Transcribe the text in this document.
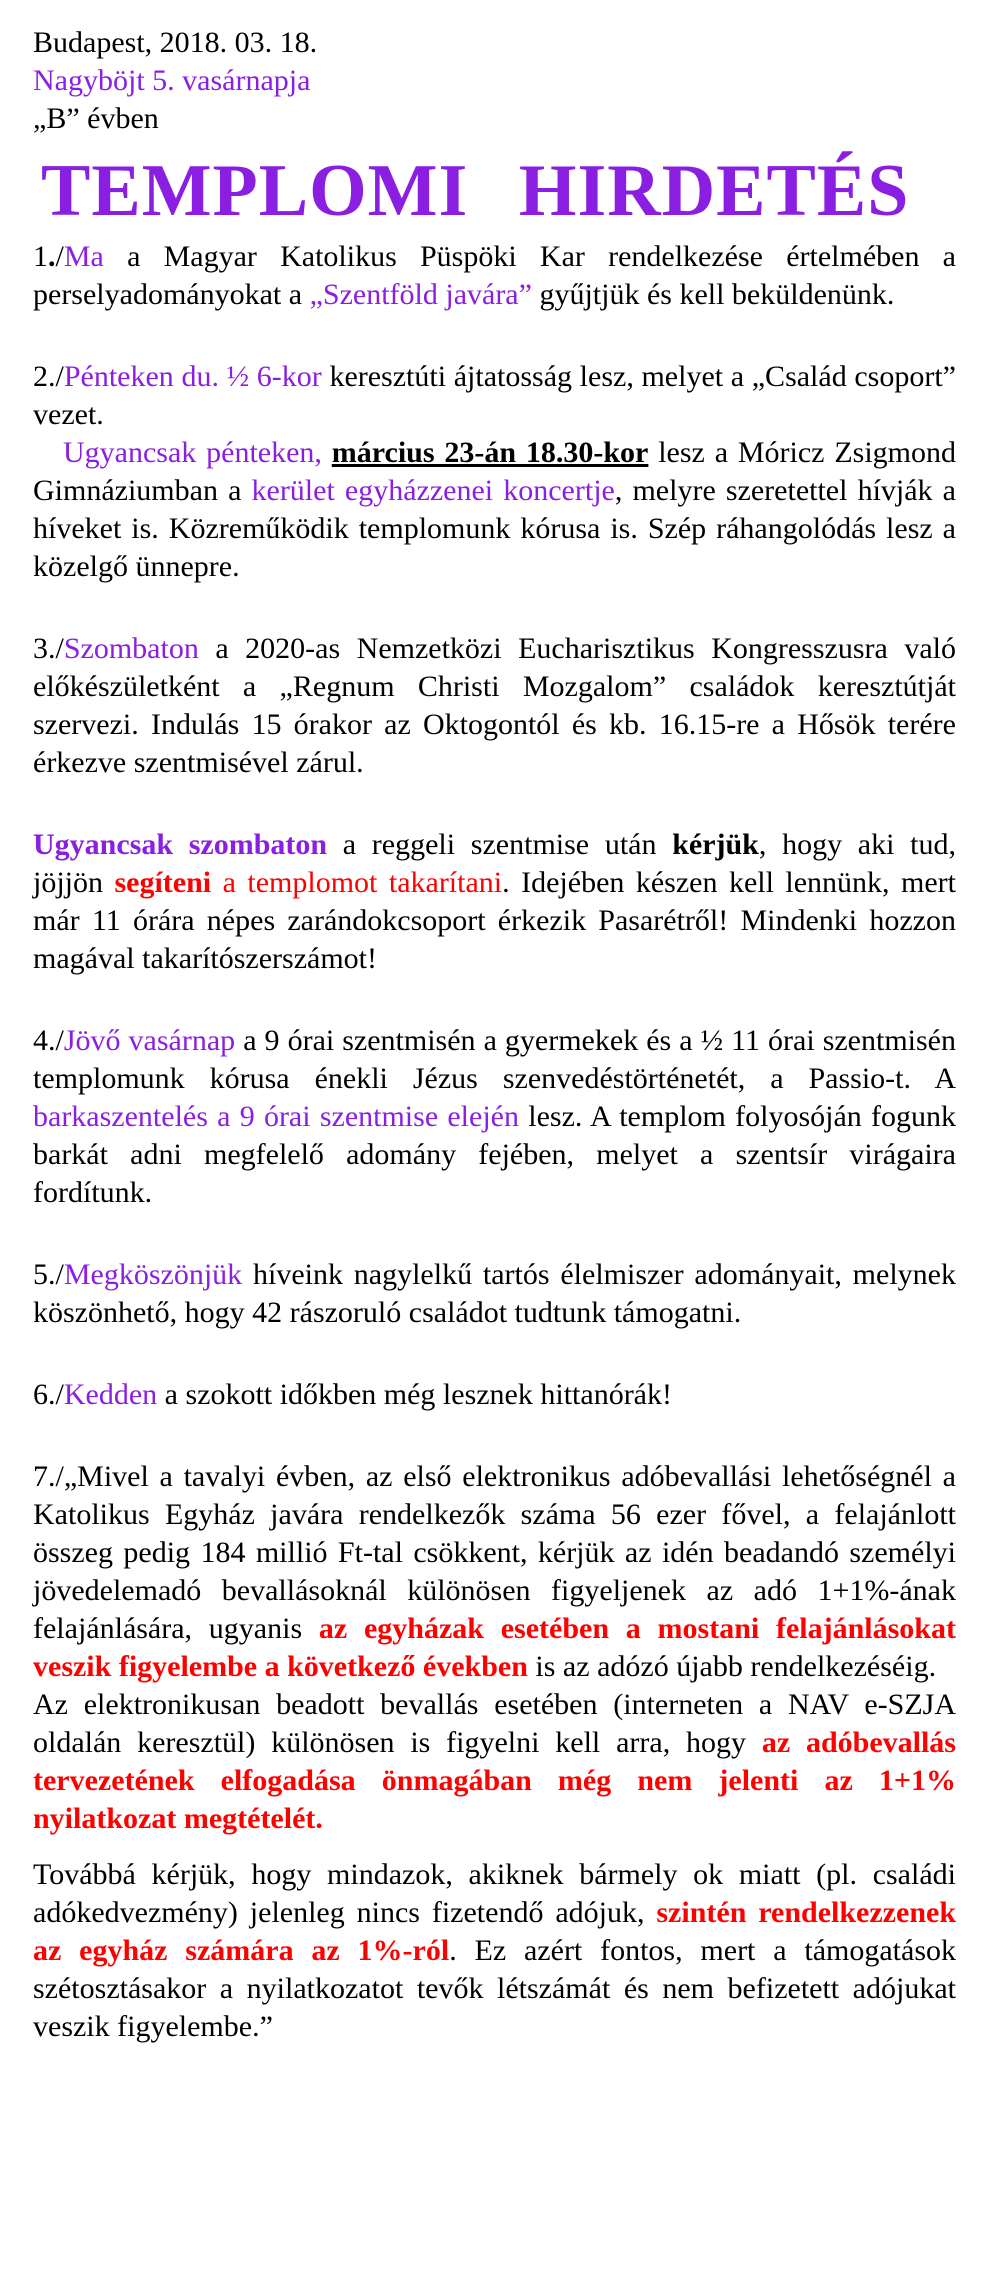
Budapest, 2018. 03. 18.
Nagyböjt 5. vasárnapja
„B” évben
TEMPLOMI HIRDETÉS

1./Ma a Magyar Katolikus Püspöki Kar rendelkezése értelmében a perselyadományokat a „Szentföld javára” gyűjtjük és kell beküldenünk.

2./Pénteken du. ½ 6-kor keresztúti ájtatosság lesz, melyet a „Család csoport” vezet.

Ugyancsak pénteken, március 23-án 18.30-kor lesz a Móricz Zsigmond Gimnáziumban a kerület egyházzenei koncertje, melyre szeretettel hívják a híveket is. Közreműködik templomunk kórusa is. Szép ráhangolódás lesz a közelgő ünnepre.

3./Szombaton a 2020-as Nemzetközi Eucharisztikus Kongresszusra való előkészületként a „Regnum Christi Mozgalom” családok keresztútját szervezi. Indulás 15 órakor az Oktogontól és kb. 16.15-re a Hősök terére érkezve szentmisével zárul.

Ugyancsak szombaton a reggeli szentmise után kérjük, hogy aki tud, jöjjön segíteni a templomot takarítani. Idejében készen kell lennünk, mert már 11 órára népes zarándokcsoport érkezik Pasarétről! Mindenki hozzon magával takarítószerszámot!

4./Jövő vasárnap a 9 órai szentmisén a gyermekek és a ½ 11 órai szentmisén templomunk kórusa énekli Jézus szenvedéstörténetét, a Passio-t. A barkaszentelés a 9 órai szentmise elején lesz. A templom folyosóján fogunk barkát adni megfelelő adomány fejében, melyet a szentsír virágaira fordítunk.

5./Megköszönjük híveink nagylelkű tartós élelmiszer adományait, melynek köszönhető, hogy 42 rászoruló családot tudtunk támogatni.

6./Kedden a szokott időkben még lesznek hittanórák!

7./„Mivel a tavalyi évben, az első elektronikus adóbevallási lehetőségnél a Katolikus Egyház javára rendelkezők száma 56 ezer fővel, a felajánlott összeg pedig 184 millió Ft-tal csökkent, kérjük az idén beadandó személyi jövedelemadó bevallásoknál különösen figyeljenek az adó 1+1%-ának felajánlására, ugyanis az egyházak esetében a mostani felajánlásokat veszik figyelembe a következő években is az adózó újabb rendelkezéséig.

Az elektronikusan beadott bevallás esetében (interneten a NAV e-SZJA oldalán keresztül) különösen is figyelni kell arra, hogy az adóbevallás tervezetének elfogadása önmagában még nem jelenti az 1+1% nyilatkozat megtételét.

Továbbá kérjük, hogy mindazok, akiknek bármely ok miatt (pl. családi adókedvezmény) jelenleg nincs fizetendő adójuk, szintén rendelkezzenek az egyház számára az 1%-ról. Ez azért fontos, mert a támogatások szétosztásakor a nyilatkozatot tevők létszámát és nem befizetett adójukat veszik figyelembe.”
